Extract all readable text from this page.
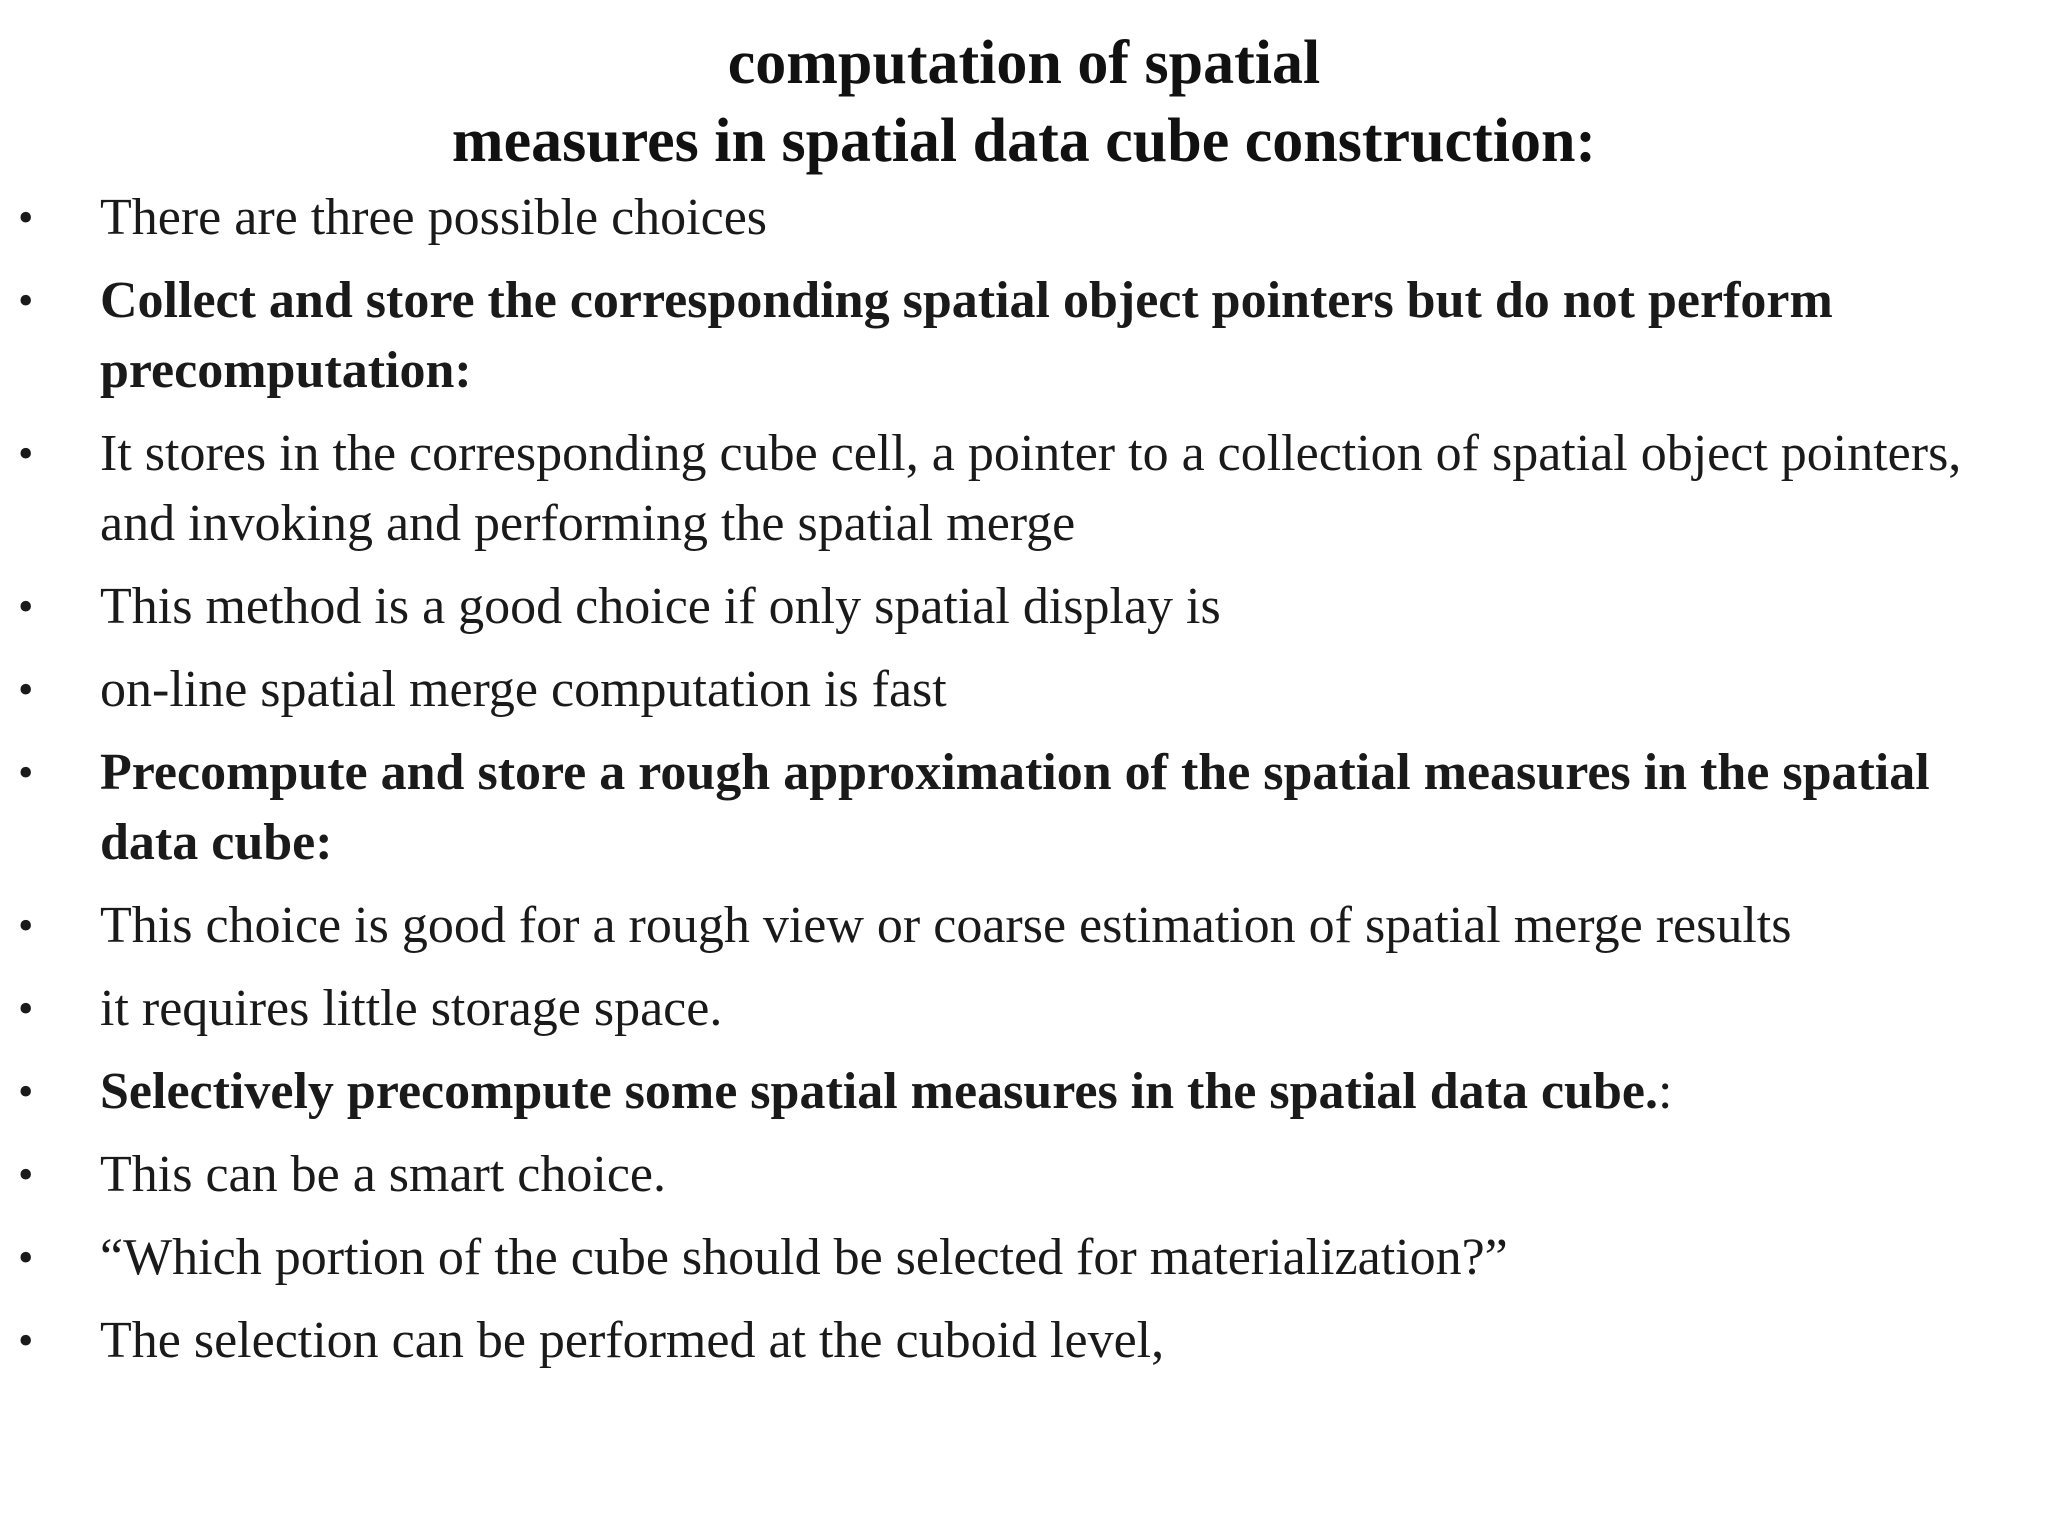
computation of spatial
measures in spatial data cube construction:
•	There are three possible choices
•	Collect and store the corresponding spatial object pointers but do not perform precomputation:
•	It stores in the corresponding cube cell, a pointer to a collection of spatial object pointers, and invoking and performing the spatial merge
•	This method is a good choice if only spatial display is
•	on-line spatial merge computation is fast
•	Precompute and store a rough approximation of the spatial measures in the spatial data cube:
•	This choice is good for a rough view or coarse estimation of spatial merge results
•	it requires little storage space.
•	Selectively precompute some spatial measures in the spatial data cube.:
•	This can be a smart choice.
•	“Which portion of the cube should be selected for materialization?”
•	The selection can be performed at the cuboid level,
